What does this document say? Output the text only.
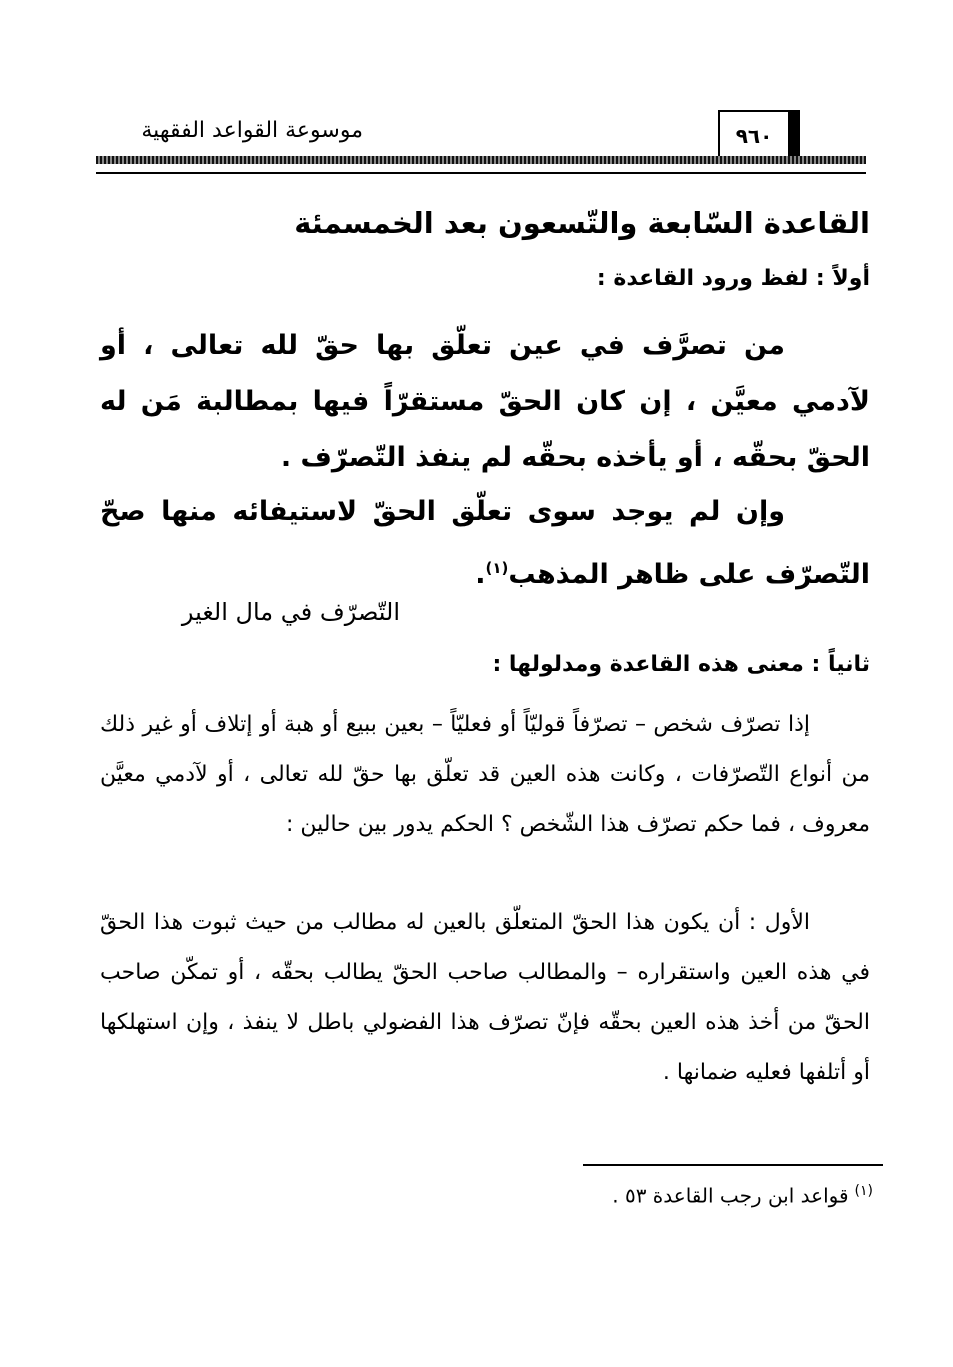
موسوعة القواعد الفقهية	٩٦٠
القاعدة السّابعة والتّسعون بعد الخمسمئة
أولاً : لفظ ورود القاعدة :
من تصرَّف في عين تعلّق بها حقّ لله تعالى ، أو لآدمي معيَّن ، إن كان الحقّ مستقرّاً فيها بمطالبة مَن له الحقّ بحقّه ، أو يأخذه بحقّه لم ينفذ التّصرّف .
وإن لم يوجد سوى تعلّق الحقّ لاستيفائه منها صحّ التّصرّف على ظاهر المذهب$^{(١)}$.
التّصرّف في مال الغير
ثانياً : معنى هذه القاعدة ومدلولها :
إذا تصرّف شخص – تصرّفاً قوليّاً أو فعليّاً – بعين ببيع أو هبة أو إتلاف أو غير ذلك من أنواع التّصرّفات ، وكانت هذه العين قد تعلّق بها حقّ لله تعالى ، أو لآدمي معيَّن معروف ، فما حكم تصرّف هذا الشّخص ؟ الحكم يدور بين حالين :
الأول : أن يكون هذا الحقّ المتعلّق بالعين له مطالب من حيث ثبوت هذا الحقّ في هذه العين واستقراره – والمطالب صاحب الحقّ يطالب بحقّه ، أو تمكّن صاحب الحقّ من أخذ هذه العين بحقّه فإنّ تصرّف هذا الفضولي باطل لا ينفذ ، وإن استهلكها أو أتلفها فعليه ضمانها .
$^{(١)}$قواعد ابن رجب القاعدة ٥٣ .
